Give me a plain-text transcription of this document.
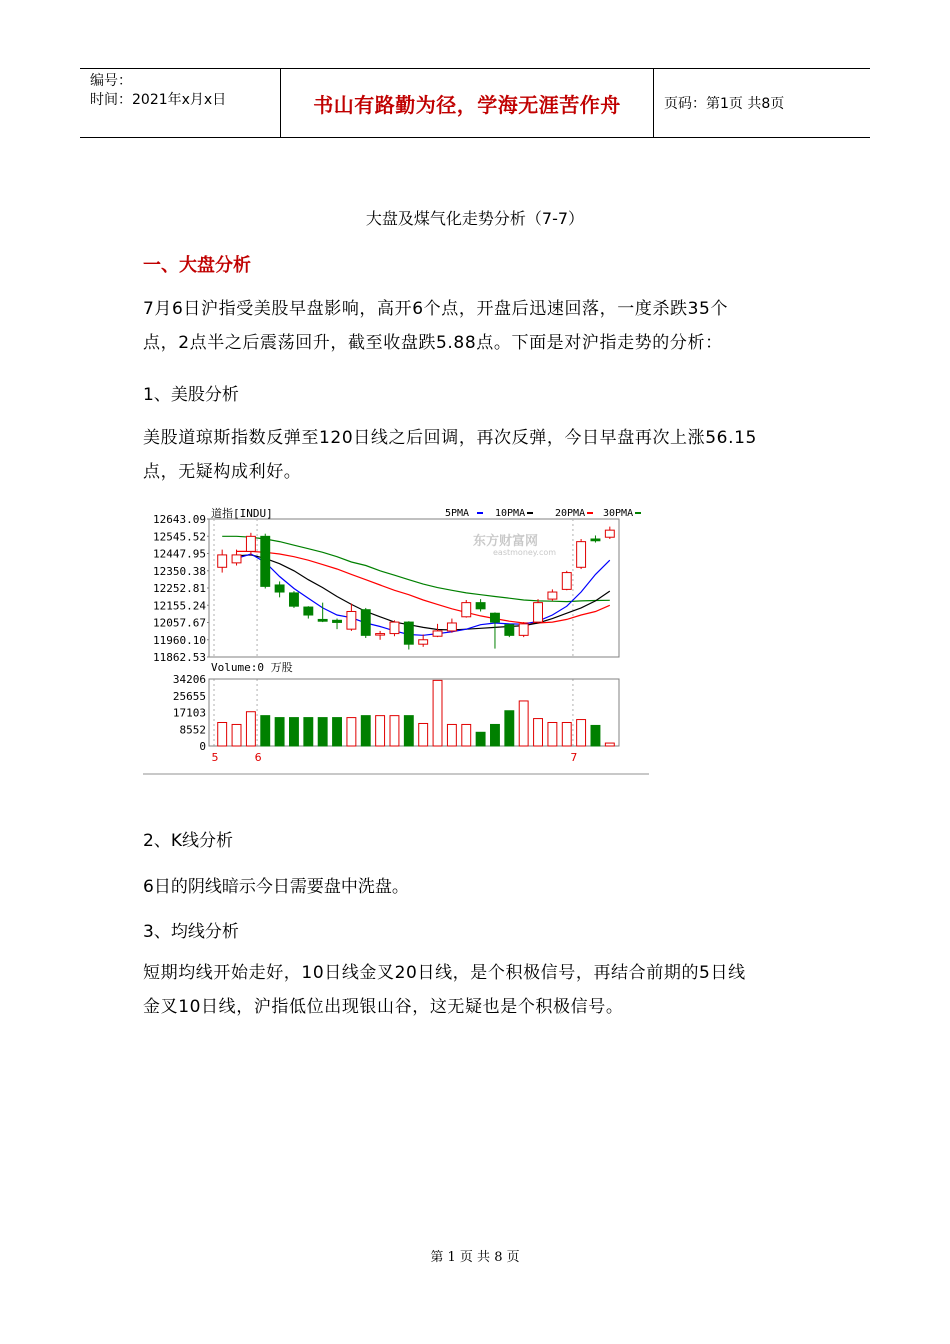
编号：
时间：2021年x月x日	书山有路勤为径，学海无涯苦作舟	页码：第1页 共8页
大盘及煤气化走势分析（7-7）
一、大盘分析
7月6日沪指受美股早盘影响，高开6个点，开盘后迅速回落，一度杀跌35个
点，2点半之后震荡回升，截至收盘跌5.88点。下面是对沪指走势的分析：
1、美股分析
美股道琼斯指数反弹至120日线之后回调，再次反弹，今日早盘再次上涨56.15
点，无疑构成利好。
道指[INDU]	5PMA	10PMA	20PMA 30PMA
东方财富网
eastmoney.com
12643.09
12545.52
12447.95
12350.38
12252.81
12155.24
12057.67
11960.10
11862.53
5	6	7
Volume:0 万股
34206
25655
17103
8552
0
2、K线分析
6日的阴线暗示今日需要盘中洗盘。
3、均线分析
短期均线开始走好，10日线金叉20日线，是个积极信号，再结合前期的5日线
金叉10日线，沪指低位出现银山谷，这无疑也是个积极信号。
第 1 页 共 8 页
